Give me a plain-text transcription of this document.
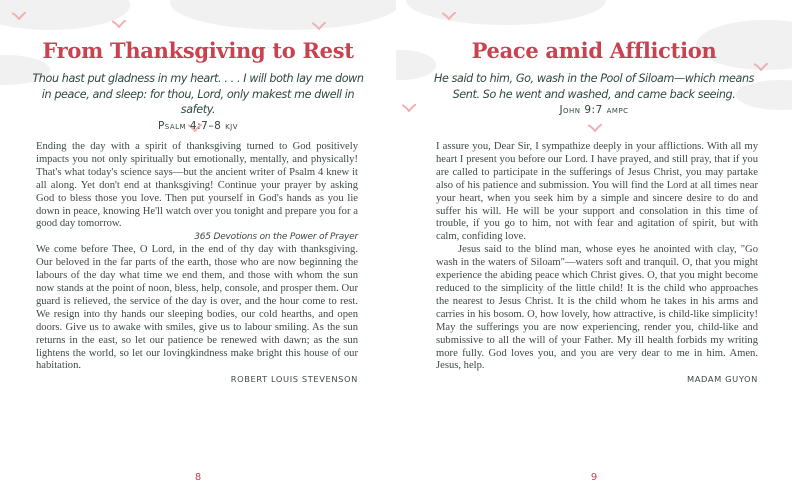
From Thanksgiving to Rest
Thou hast put gladness in my heart. . . . I will both lay me down in peace, and sleep: for thou, Lord, only makest me dwell in safety.
Psalm 4:7–8 kjv

Ending the day with a spirit of thanksgiving turned to God positively impacts you not only spiritually but emotionally, mentally, and physically! That's what today's science says—but the ancient writer of Psalm 4 knew it all along. Yet don't end at thanksgiving! Continue your prayer by asking God to bless those you love. Then put yourself in God's hands as you lie down in peace, knowing He'll watch over you tonight and prepare you for a good day tomorrow.

365 Devotions on the Power of Prayer

We come before Thee, O Lord, in the end of thy day with thanksgiving. Our beloved in the far parts of the earth, those who are now beginning the labours of the day what time we end them, and those with whom the sun now stands at the point of noon, bless, help, console, and prosper them. Our guard is relieved, the service of the day is over, and the hour come to rest. We resign into thy hands our sleeping bodies, our cold hearths, and open doors. Give us to awake with smiles, give us to labour smiling. As the sun returns in the east, so let our patience be renewed with dawn; as the sun lightens the world, so let our lovingkindness make bright this house of our habitation.

ROBERT LOUIS STEVENSON

8
Peace amid Affliction
He said to him, Go, wash in the Pool of Siloam—which means Sent. So he went and washed, and came back seeing.
John 9:7 ampc

I assure you, Dear Sir, I sympathize deeply in your afflictions. With all my heart I present you before our Lord. I have prayed, and still pray, that if you are called to participate in the sufferings of Jesus Christ, you may partake also of his patience and submission. You will find the Lord at all times near your heart, when you seek him by a simple and sincere desire to do and suffer his will. He will be your support and consolation in this time of trouble, if you go to him, not with fear and agitation of spirit, but with calm, confiding love.

Jesus said to the blind man, whose eyes he anointed with clay, "Go wash in the waters of Siloam"—waters soft and tranquil. O, that you might experience the abiding peace which Christ gives. O, that you might become reduced to the simplicity of the little child! It is the child who approaches the nearest to Jesus Christ. It is the child whom he takes in his arms and carries in his bosom. O, how lovely, how attractive, is child-like simplicity! May the sufferings you are now experiencing, render you, child-like and submissive to all the will of your Father. My ill health forbids my writing more fully. God loves you, and you are very dear to me in him. Amen. Jesus, help.

MADAM GUYON

9
